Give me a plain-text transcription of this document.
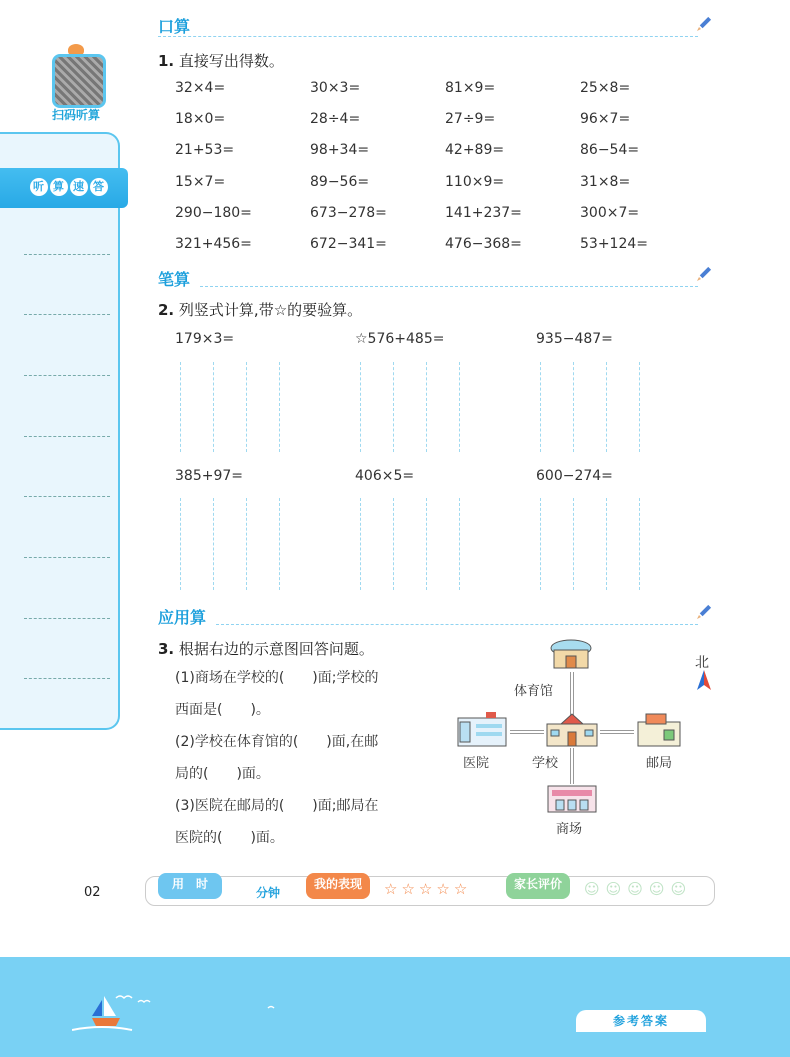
扫码听算
听 算 速 答
口算
1. 直接写出得数。
32×4=	30×3=	81×9=	25×8=
18×0=	28÷4=	27÷9=	96×7=
21+53=	98+34=	42+89=	86−54=
15×7=	89−56=	110×9=	31×8=
290−180=	673−278=	141+237=	300×7=
321+456=	672−341=	476−368=	53+124=
笔算
2. 列竖式计算,带☆的要验算。
179×3=	☆576+485=	935−487=
385+97=	406×5=	600−274=
应用算
3. 根据右边的示意图回答问题。
(1)商场在学校的(　　)面;学校的
西面是(　　)。
(2)学校在体育馆的(　　)面,在邮
局的(　　)面。
(3)医院在邮局的(　　)面;邮局在
医院的(　　)面。
体育馆
学校
医院	邮局
商场
北
02
用　时
分钟
我的表现	☆☆☆☆☆	家长评价	☺☺☺☺☺
参考答案
